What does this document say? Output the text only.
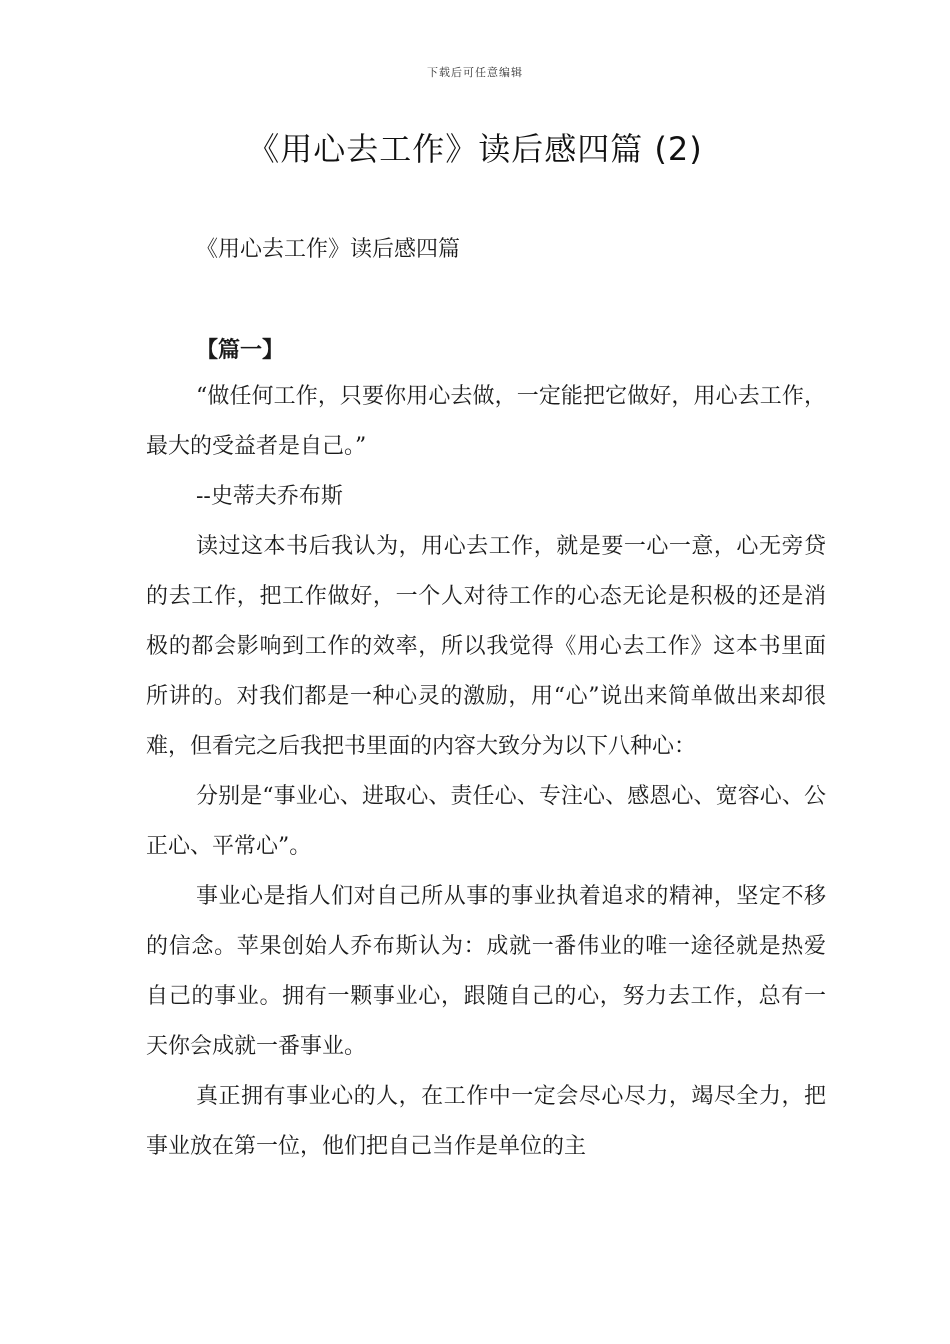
下载后可任意编辑
《用心去工作》读后感四篇 (2)

《用心去工作》读后感四篇

【篇一】

“做任何工作，只要你用心去做，一定能把它做好，用心去工作，最大的受益者是自己。”

--史蒂夫乔布斯

读过这本书后我认为，用心去工作，就是要一心一意，心无旁贷的去工作，把工作做好，一个人对待工作的心态无论是积极的还是消极的都会影响到工作的效率，所以我觉得《用心去工作》这本书里面所讲的。对我们都是一种心灵的激励，用“心”说出来简单做出来却很难，但看完之后我把书里面的内容大致分为以下八种心：

分别是“事业心、进取心、责任心、专注心、感恩心、宽容心、公正心、平常心”。

事业心是指人们对自己所从事的事业执着追求的精神，坚定不移的信念。苹果创始人乔布斯认为：成就一番伟业的唯一途径就是热爱自己的事业。拥有一颗事业心，跟随自己的心，努力去工作，总有一天你会成就一番事业。

真正拥有事业心的人，在工作中一定会尽心尽力，竭尽全力，把事业放在第一位，他们把自己当作是单位的主
